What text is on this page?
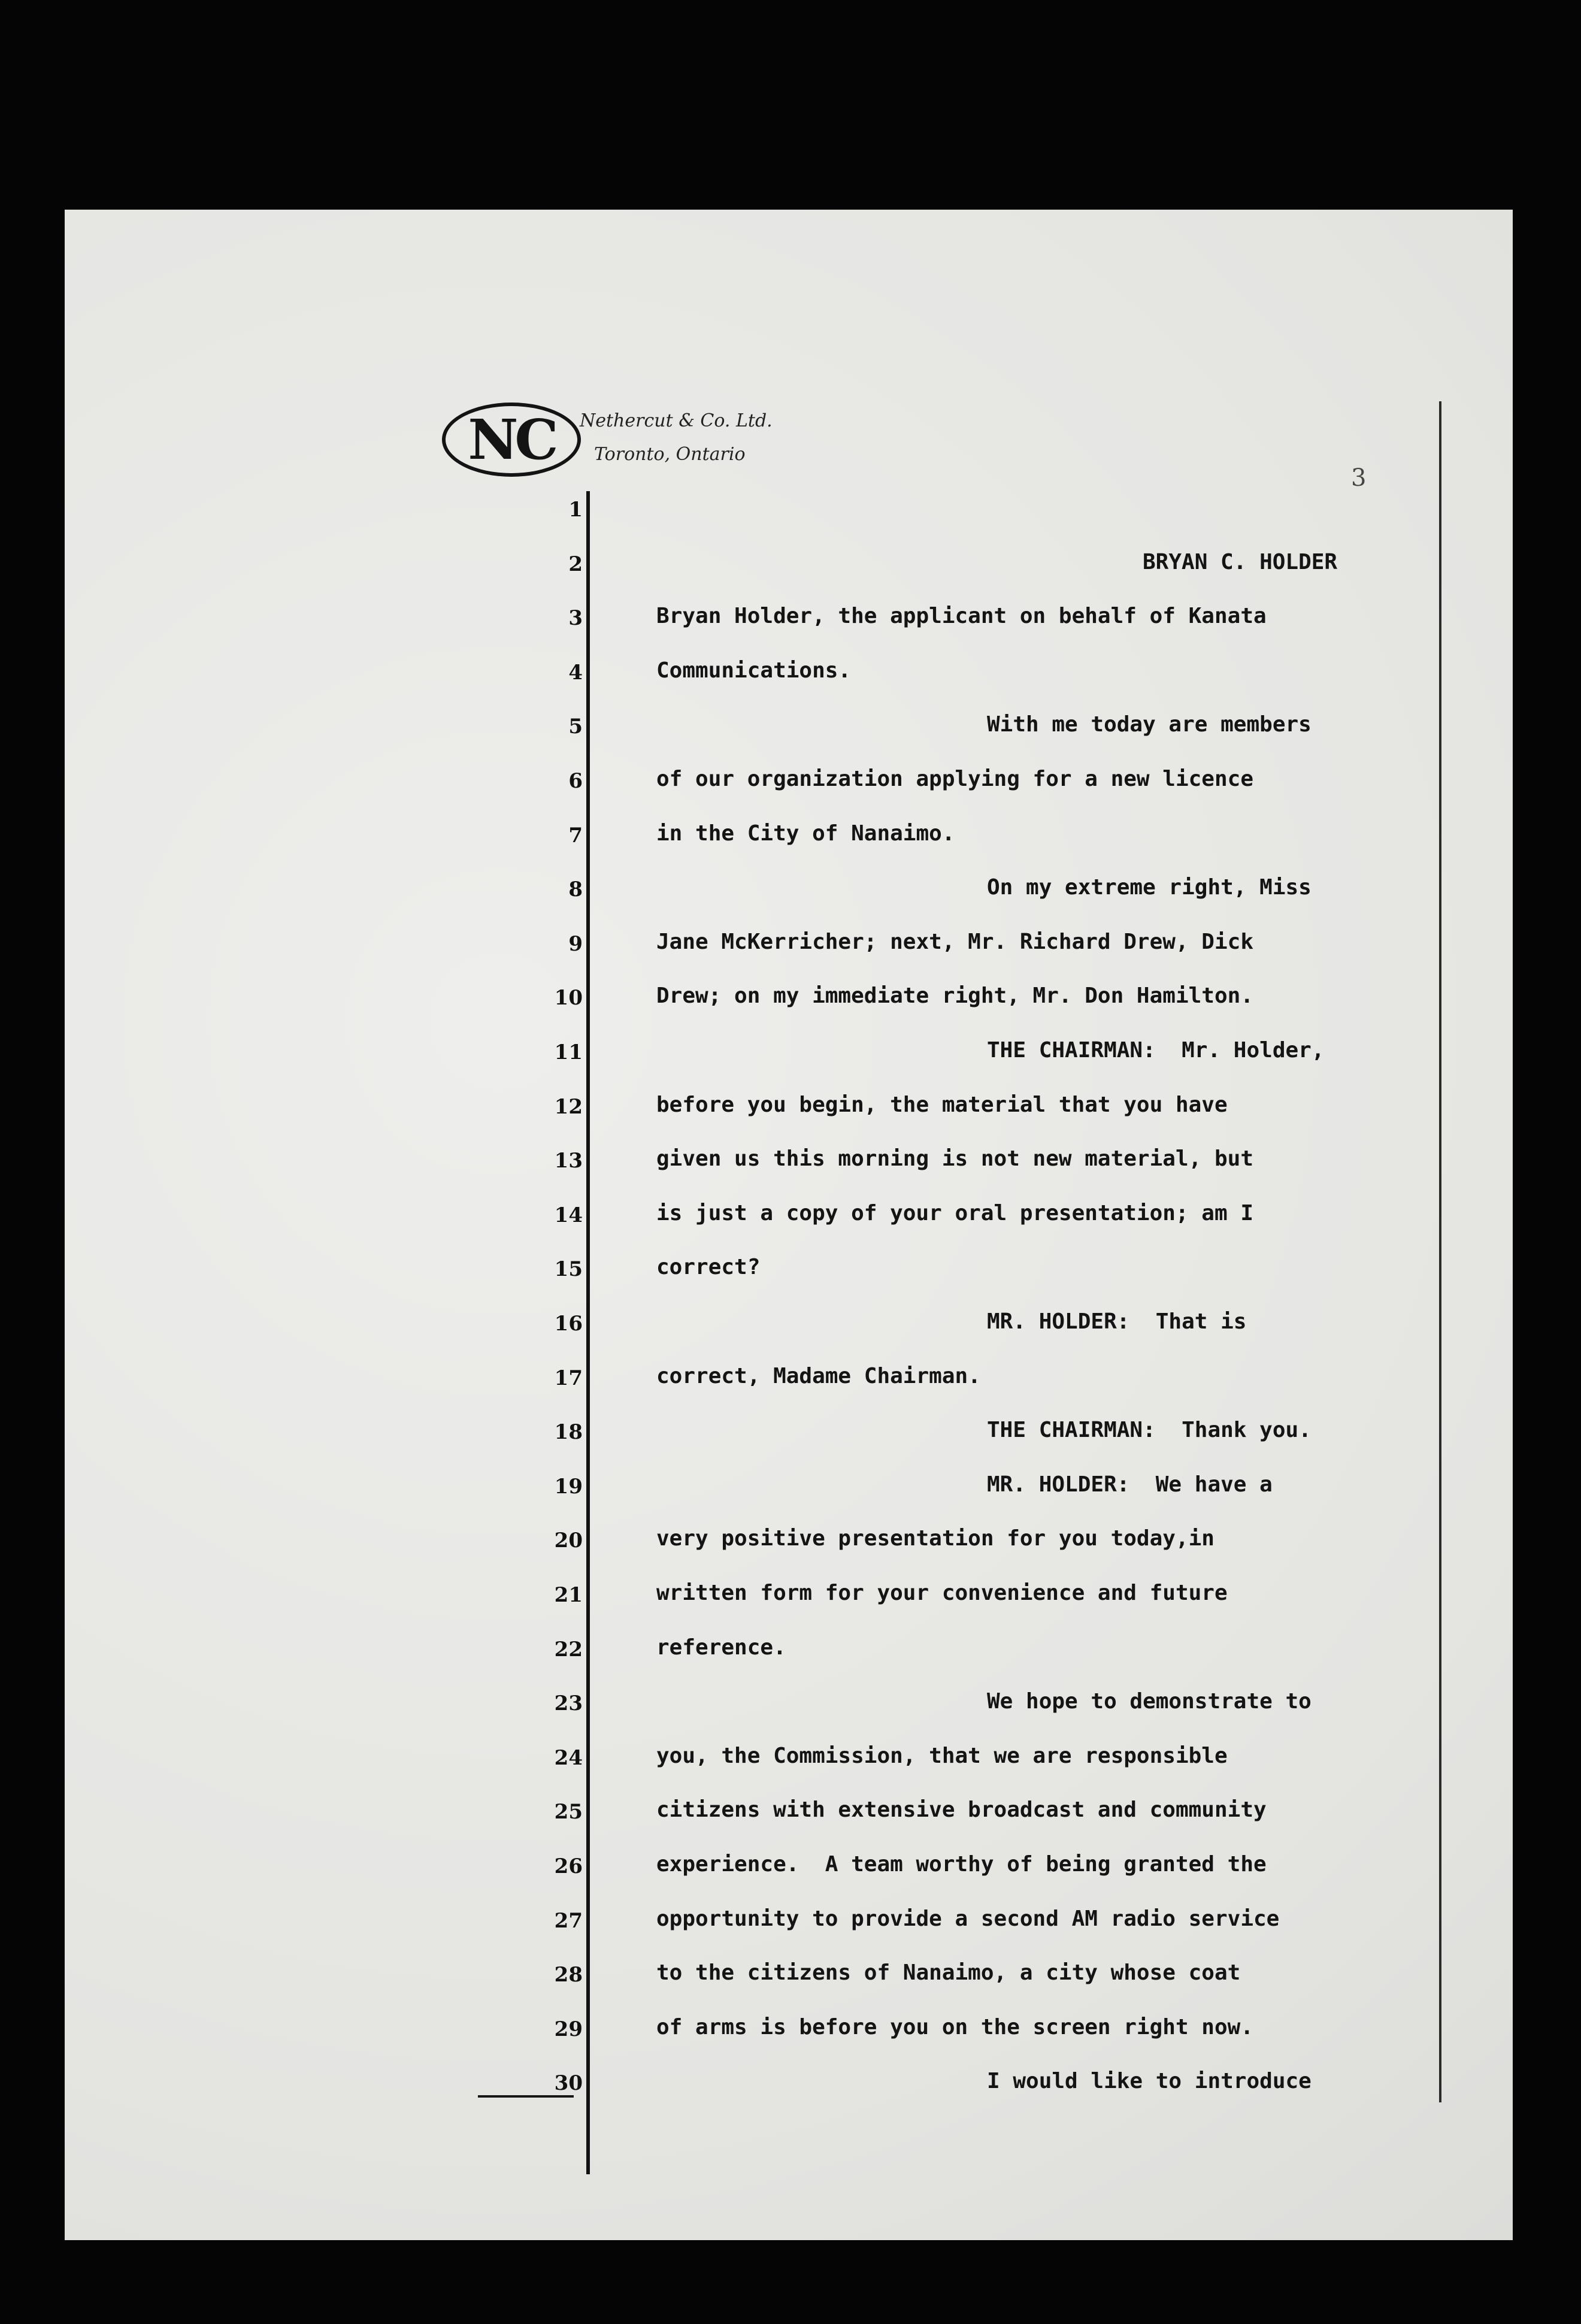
NC Nethercut & Co. Ltd.
Toronto, Ontario
3
1
2
3
4
5
6
7
8
9
10
11
12
13
14
15
16
17
18
19
20
21
22
23
24
25
26
27
28
29
30
BRYAN C. HOLDER
Bryan Holder, the applicant on behalf of Kanata
Communications.
With me today are members
of our organization applying for a new licence
in the City of Nanaimo.
On my extreme right, Miss
Jane McKerricher; next, Mr. Richard Drew, Dick
Drew; on my immediate right, Mr. Don Hamilton.
THE CHAIRMAN:  Mr. Holder,
before you begin, the material that you have
given us this morning is not new material, but
is just a copy of your oral presentation; am I
correct?
MR. HOLDER:  That is
correct, Madame Chairman.
THE CHAIRMAN:  Thank you.
MR. HOLDER:  We have a
very positive presentation for you today,in
written form for your convenience and future
reference.
We hope to demonstrate to
you, the Commission, that we are responsible
citizens with extensive broadcast and community
experience.  A team worthy of being granted the
opportunity to provide a second AM radio service
to the citizens of Nanaimo, a city whose coat
of arms is before you on the screen right now.
I would like to introduce
